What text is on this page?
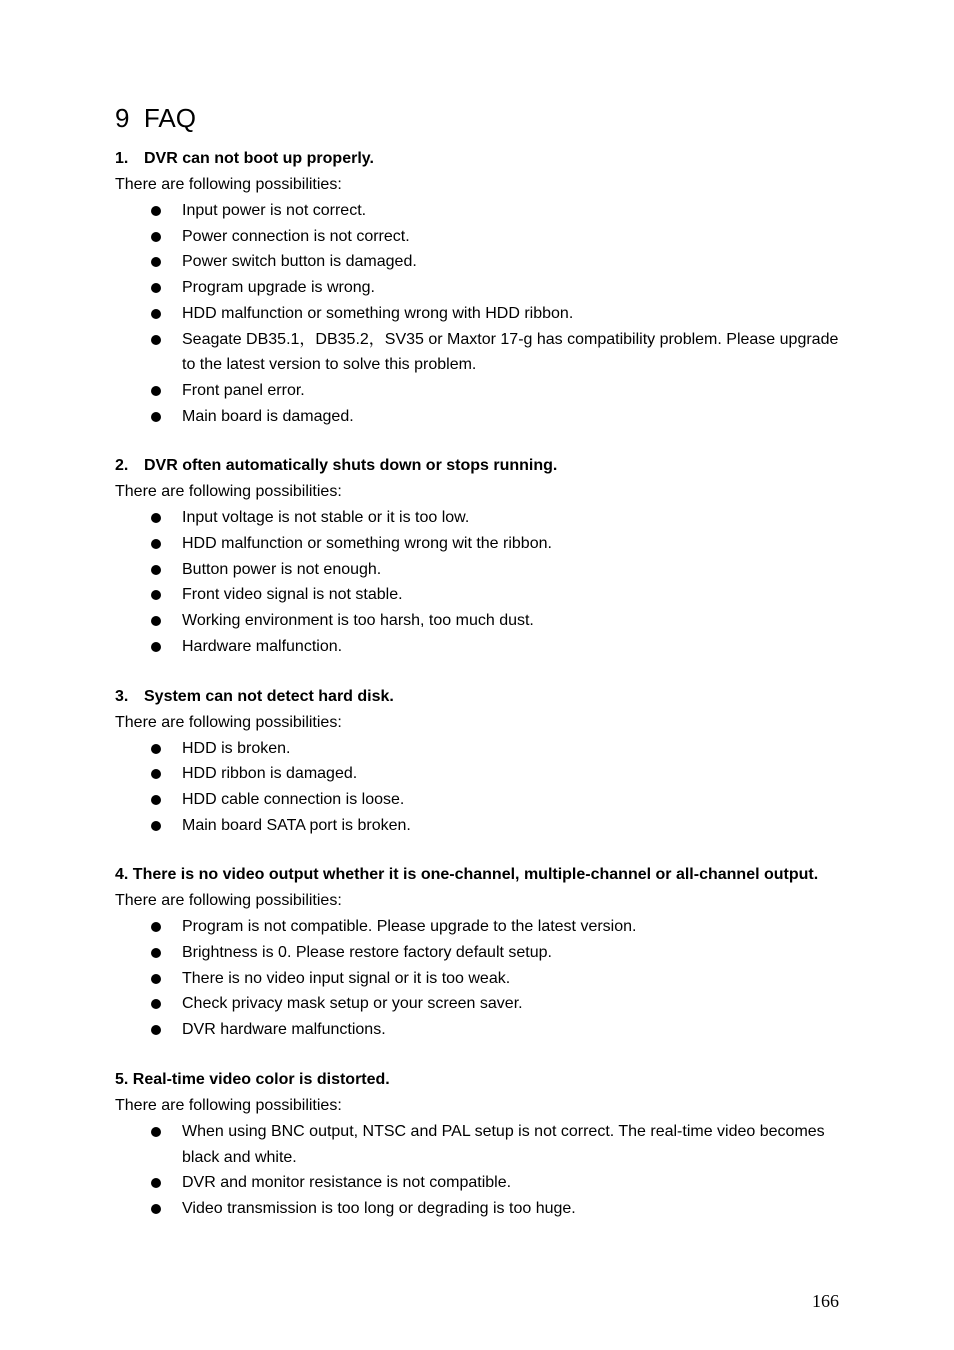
9 FAQ

1. DVR can not boot up properly.

There are following possibilities:

Input power is not correct.
Power connection is not correct.
Power switch button is damaged.
Program upgrade is wrong.
HDD malfunction or something wrong with HDD ribbon.
Seagate DB35.1，DB35.2，SV35 or Maxtor 17-g has compatibility problem. Please upgrade to the latest version to solve this problem.
Front panel error.
Main board is damaged.

2. DVR often automatically shuts down or stops running.

There are following possibilities:

Input voltage is not stable or it is too low.
HDD malfunction or something wrong wit the ribbon.
Button power is not enough.
Front video signal is not stable.
Working environment is too harsh, too much dust.
Hardware malfunction.

3. System can not detect hard disk.

There are following possibilities:

HDD is broken.
HDD ribbon is damaged.
HDD cable connection is loose.
Main board SATA port is broken.

4. There is no video output whether it is one-channel, multiple-channel or all-channel output.

There are following possibilities:

Program is not compatible. Please upgrade to the latest version.
Brightness is 0. Please restore factory default setup.
There is no video input signal or it is too weak.
Check privacy mask setup or your screen saver.
DVR hardware malfunctions.

5. Real-time video color is distorted.

There are following possibilities:

When using BNC output, NTSC and PAL setup is not correct. The real-time video becomes black and white.
DVR and monitor resistance is not compatible.
Video transmission is too long or degrading is too huge.
166
